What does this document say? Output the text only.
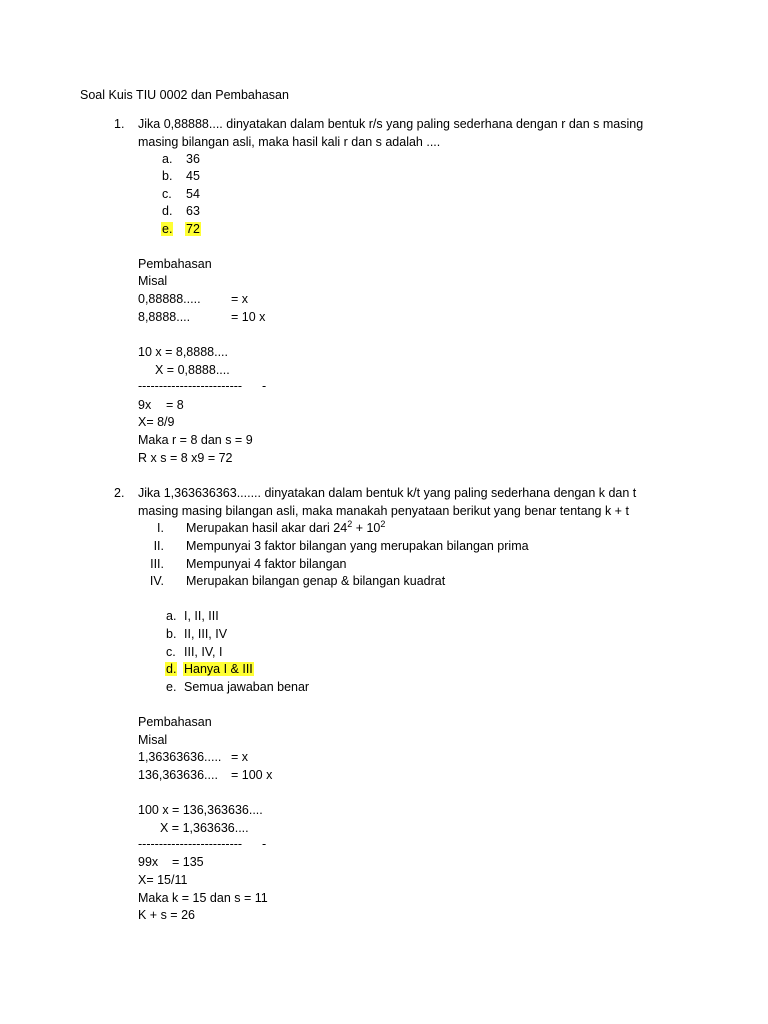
Soal Kuis TIU 0002 dan Pembahasan
1. Jika 0,88888.... dinyatakan dalam bentuk r/s yang paling sederhana dengan r dan s masing
masing bilangan asli, maka hasil kali r dan s adalah ....
a. 36
b. 45
c. 54
d. 63
e. 72
Pembahasan
Misal
0,88888..... = x
8,8888....	= 10 x
10 x = 8,8888....
X = 0,8888....
------------------------- -
9x = 8
X= 8/9
Maka r = 8 dan s = 9
R x s = 8 x9 = 72
2. Jika 1,363636363....... dinyatakan dalam bentuk k/t yang paling sederhana dengan k dan t
masing masing bilangan asli, maka manakah penyataan berikut yang benar tentang k + t
I. Merupakan hasil akar dari $24^2 + 10^2$
II. Mempunyai 3 faktor bilangan yang merupakan bilangan prima
III. Mempunyai 4 faktor bilangan
IV. Merupakan bilangan genap & bilangan kuadrat
a. I, II, III
b. II, III, IV
c. III, IV, I
d. Hanya I & III
e. Semua jawaban benar
Pembahasan
Misal
1,36363636..... = x
136,363636.... = 100 x
100 x = 136,363636....
X = 1,363636....
------------------------- -
99x = 135
X= 15/11
Maka k = 15 dan s = 11
K + s = 26
